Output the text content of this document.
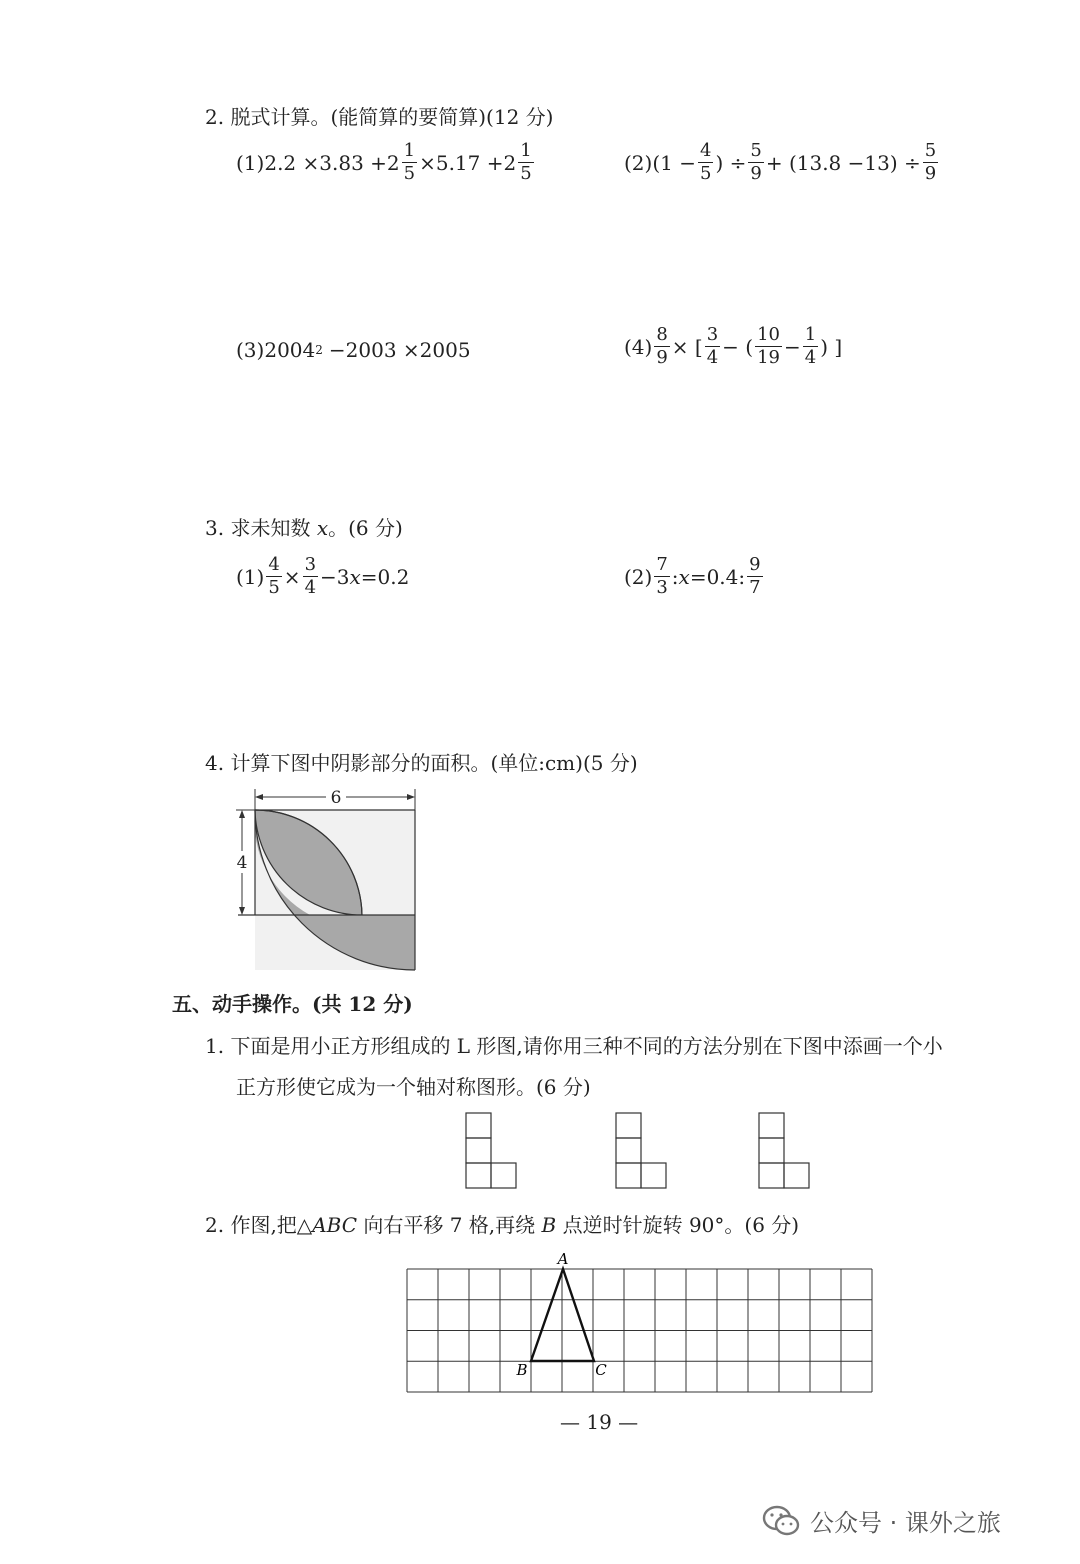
2. 脱式计算。(能简算的要简算)(12 分)
(1) $2.2 \times 3.83 +2 \frac{1}{5} \times 5.17 +2 \frac{1}{5}$	(2) ($1 - \frac{4}{5}$ ) ÷ $\frac{5}{9} + (13.8 -13) \div \frac{5}{9}$
(3) 2004 2 −2003 ×2005	$(4) \frac{8}{9}$ × [ $\frac{3}{4}$ − ( $\frac{10}{19} - \frac{1}{4}$ ) ]
3. 求未知数 x。(6 分)
$(1) \frac{4}{5} \times \frac{3}{4} -3$ x =0.2	$(2) \frac{7}{3}$ : x =0.4: $\frac{9}{7}$
4. 计算下图中阴影部分的面积。(单位:cm)(5 分)
6
4
五、动手操作。(共 12 分)
1. 下面是用小正方形组成的 L 形图,请你用三种不同的方法分别在下图中添画一个小
正方形使它成为一个轴对称图形。(6 分)
2. 作图,把△ABC 向右平移 7 格,再绕 B 点逆时针旋转 90°。(6 分)
A
B	C
— 19 —
公众号 · 课外之旅
